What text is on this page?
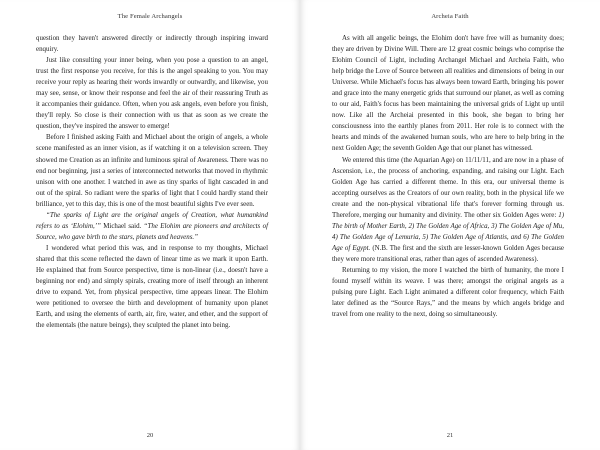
The Female Archangels

question they haven't answered directly or indirectly through inspiring inward enquiry.

Just like consulting your inner being, when you pose a question to an angel, trust the first response you receive, for this is the angel speaking to you. You may receive your reply as hearing their words inwardly or outwardly, and likewise, you may see, sense, or know their response and feel the air of their reassuring Truth as it accompanies their guidance. Often, when you ask angels, even before you finish, they'll reply. So close is their connection with us that as soon as we create the question, they've inspired the answer to emerge!

Before I finished asking Faith and Michael about the origin of angels, a whole scene manifested as an inner vision, as if watching it on a television screen. They showed me Creation as an infinite and luminous spiral of Awareness. There was no end nor beginning, just a series of interconnected networks that moved in rhythmic unison with one another. I watched in awe as tiny sparks of light cascaded in and out of the spiral. So radiant were the sparks of light that I could hardly stand their brilliance, yet to this day, this is one of the most beautiful sights I've ever seen.

“The sparks of Light are the original angels of Creation, what humankind refers to as ‘Elohim,’” Michael said. “The Elohim are pioneers and architects of Source, who gave birth to the stars, planets and heavens.”

I wondered what period this was, and in response to my thoughts, Michael shared that this scene reflected the dawn of linear time as we mark it upon Earth. He explained that from Source perspective, time is non-linear (i.e., doesn't have a beginning nor end) and simply spirals, creating more of itself through an inherent drive to expand. Yet, from physical perspective, time appears linear. The Elohim were petitioned to oversee the birth and development of humanity upon planet Earth, and using the elements of earth, air, fire, water, and ether, and the support of the elementals (the nature beings), they sculpted the planet into being.

20
Archeia Faith

As with all angelic beings, the Elohim don't have free will as humanity does; they are driven by Divine Will. There are 12 great cosmic beings who comprise the Elohim Council of Light, including Archangel Michael and Archeia Faith, who help bridge the Love of Source between all realities and dimensions of being in our Universe. While Michael's focus has always been toward Earth, bringing his power and grace into the many energetic grids that surround our planet, as well as coming to our aid, Faith's focus has been maintaining the universal grids of Light up until now. Like all the Archeiai presented in this book, she began to bring her consciousness into the earthly planes from 2011. Her role is to connect with the hearts and minds of the awakened human souls, who are here to help bring in the next Golden Age; the seventh Golden Age that our planet has witnessed.

We entered this time (the Aquarian Age) on 11/11/11, and are now in a phase of Ascension, i.e., the process of anchoring, expanding, and raising our Light. Each Golden Age has carried a different theme. In this era, our universal theme is accepting ourselves as the Creators of our own reality, both in the physical life we create and the non-physical vibrational life that's forever forming through us. Therefore, merging our humanity and divinity. The other six Golden Ages were: 1) The birth of Mother Earth, 2) The Golden Age of Africa, 3) The Golden Age of Mu, 4) The Golden Age of Lemuria, 5) The Golden Age of Atlantis, and 6) The Golden Age of Egypt. (N.B. The first and the sixth are lesser-known Golden Ages because they were more transitional eras, rather than ages of ascended Awareness).

Returning to my vision, the more I watched the birth of humanity, the more I found myself within its weave. I was there; amongst the original angels as a pulsing pure Light. Each Light animated a different color frequency, which Faith later defined as the “Source Rays,” and the means by which angels bridge and travel from one reality to the next, doing so simultaneously.

21
